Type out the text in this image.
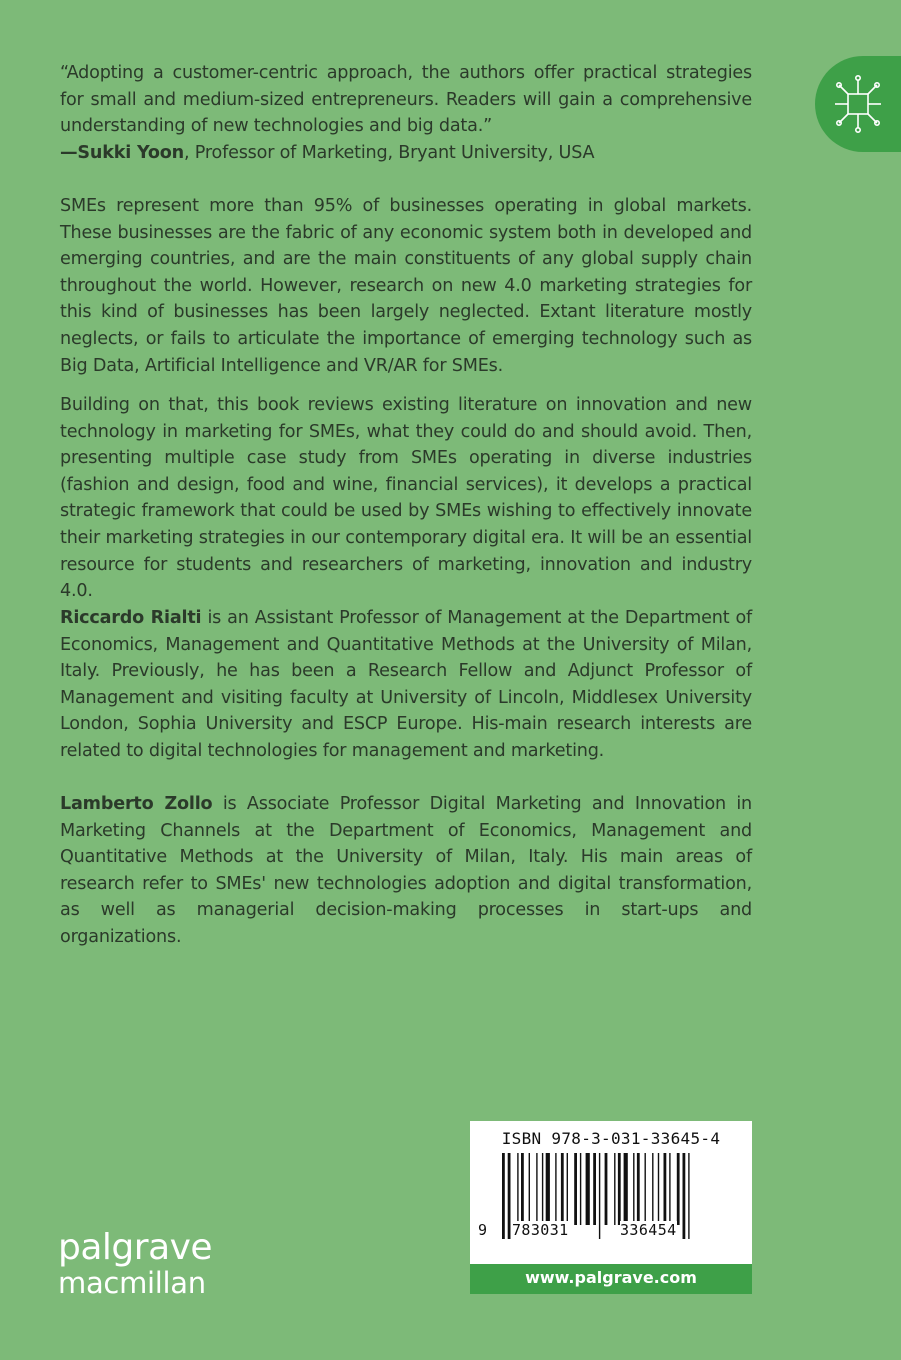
“Adopting a customer-centric approach, the authors offer practical strategies for small and medium-sized entrepreneurs. Readers will gain a comprehensive understanding of new technologies and big data.”

—Sukki Yoon, Professor of Marketing, Bryant University, USA

SMEs represent more than 95% of businesses operating in global markets. These businesses are the fabric of any economic system both in developed and emerging countries, and are the main constituents of any global supply chain throughout the world. However, research on new 4.0 marketing strategies for this kind of businesses has been largely neglected. Extant literature mostly neglects, or fails to articulate the importance of emerging technology such as Big Data, Artificial Intelligence and VR/AR for SMEs.

Building on that, this book reviews existing literature on innovation and new technology in marketing for SMEs, what they could do and should avoid. Then, presenting multiple case study from SMEs operating in diverse industries (fashion and design, food and wine, financial services), it develops a practical strategic framework that could be used by SMEs wishing to effectively innovate their marketing strategies in our contemporary digital era. It will be an essential resource for students and researchers of marketing, innovation and industry 4.0.

Riccardo Rialti is an Assistant Professor of Management at the Department of Economics, Management and Quantitative Methods at the University of Milan, Italy. Previously, he has been a Research Fellow and Adjunct Professor of Management and visiting faculty at University of Lincoln, Middlesex University London, Sophia University and ESCP Europe. His-main research interests are related to digital technologies for management and marketing.

Lamberto Zollo is Associate Professor Digital Marketing and Innovation in Marketing Channels at the Department of Economics, Management and Quantitative Methods at the University of Milan, Italy. His main areas of research refer to SMEs' new technologies adoption and digital transformation, as well as managerial decision-making processes in start-ups and organizations.

palgrave
macmillan
ISBN 978-3-031-33645-4
9 783031	336454
www.palgrave.com
